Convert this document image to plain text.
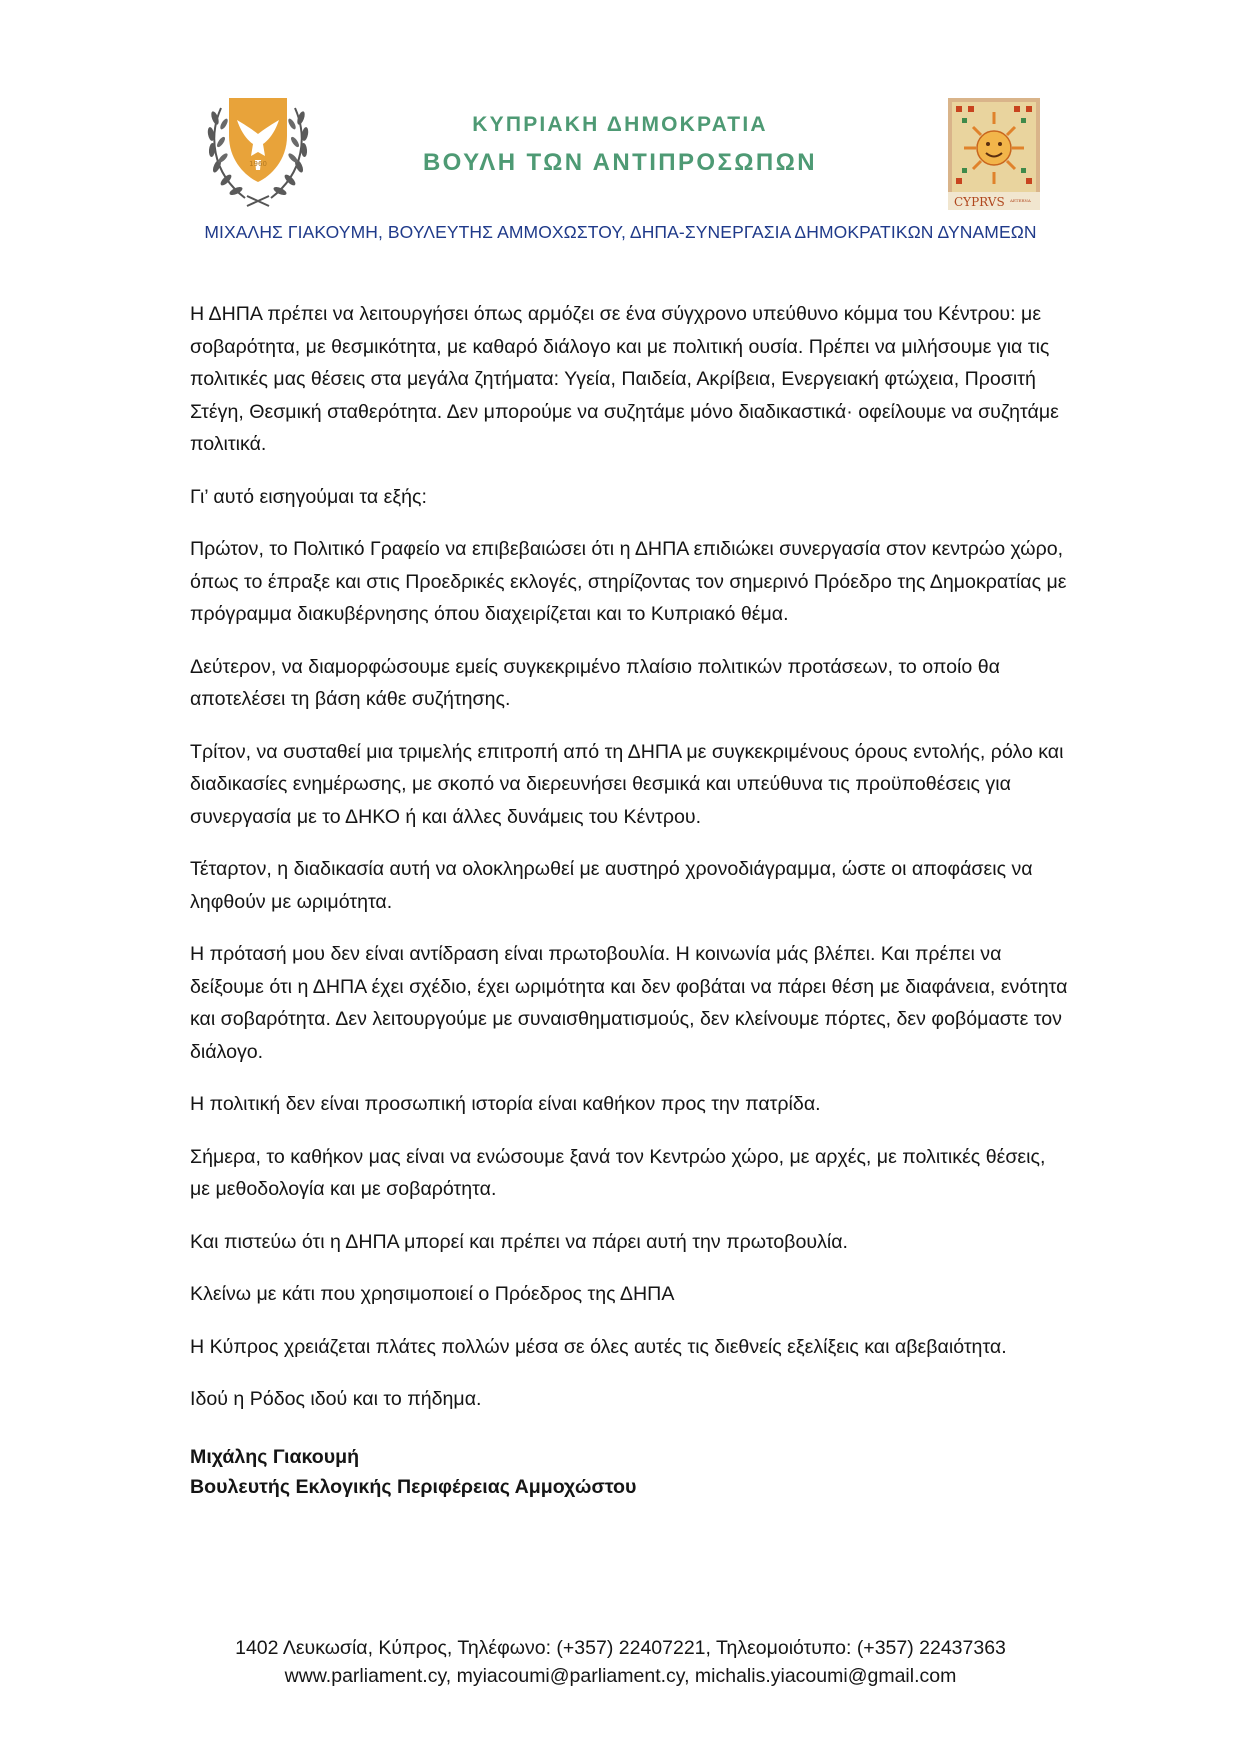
1960
ΚΥΠΡΙΑΚΗ ΔΗΜΟΚΡΑΤΙΑ
ΒΟΥΛΗ ΤΩΝ ΑΝΤΙΠΡΟΣΩΠΩΝ
CYPRVS AETERNA
ΜΙΧΑΛΗΣ ΓΙΑΚΟΥΜΗ, ΒΟΥΛΕΥΤΗΣ ΑΜΜΟΧΩΣΤΟΥ, ΔΗΠΑ-ΣΥΝΕΡΓΑΣΙΑ ΔΗΜΟΚΡΑΤΙΚΩΝ ΔΥΝΑΜΕΩΝ

Η ΔΗΠΑ πρέπει να λειτουργήσει όπως αρμόζει σε ένα σύγχρονο υπεύθυνο κόμμα του Κέντρου: με σοβαρότητα, με θεσμικότητα, με καθαρό διάλογο και με πολιτική ουσία. Πρέπει να μιλήσουμε για τις πολιτικές μας θέσεις στα μεγάλα ζητήματα: Υγεία, Παιδεία, Ακρίβεια, Ενεργειακή φτώχεια, Προσιτή Στέγη, Θεσμική σταθερότητα. Δεν μπορούμε να συζητάμε μόνο διαδικαστικά· οφείλουμε να συζητάμε πολιτικά.

Γι’ αυτό εισηγούμαι τα εξής:

Πρώτον, το Πολιτικό Γραφείο να επιβεβαιώσει ότι η ΔΗΠΑ επιδιώκει συνεργασία στον κεντρώο χώρο, όπως το έπραξε και στις Προεδρικές εκλογές, στηρίζοντας τον σημερινό Πρόεδρο της Δημοκρατίας με πρόγραμμα διακυβέρνησης όπου διαχειρίζεται και το Κυπριακό θέμα.

Δεύτερον, να διαμορφώσουμε εμείς συγκεκριμένο πλαίσιο πολιτικών προτάσεων, το οποίο θα αποτελέσει τη βάση κάθε συζήτησης.

Τρίτον, να συσταθεί μια τριμελής επιτροπή από τη ΔΗΠΑ με συγκεκριμένους όρους εντολής, ρόλο και διαδικασίες ενημέρωσης, με σκοπό να διερευνήσει θεσμικά και υπεύθυνα τις προϋποθέσεις για συνεργασία με το ΔΗΚΟ ή και άλλες δυνάμεις του Κέντρου.

Τέταρτον, η διαδικασία αυτή να ολοκληρωθεί με αυστηρό χρονοδιάγραμμα, ώστε οι αποφάσεις να ληφθούν με ωριμότητα.

Η πρότασή μου δεν είναι αντίδραση είναι πρωτοβουλία. Η κοινωνία μάς βλέπει. Και πρέπει να δείξουμε ότι η ΔΗΠΑ έχει σχέδιο, έχει ωριμότητα και δεν φοβάται να πάρει θέση με διαφάνεια, ενότητα και σοβαρότητα. Δεν λειτουργούμε με συναισθηματισμούς, δεν κλείνουμε πόρτες, δεν φοβόμαστε τον διάλογο.

Η πολιτική δεν είναι προσωπική ιστορία είναι καθήκον προς την πατρίδα.

Σήμερα, το καθήκον μας είναι να ενώσουμε ξανά τον Κεντρώο χώρο, με αρχές, με πολιτικές θέσεις, με μεθοδολογία και με σοβαρότητα.

Και πιστεύω ότι η ΔΗΠΑ μπορεί και πρέπει να πάρει αυτή την πρωτοβουλία.

Κλείνω με κάτι που χρησιμοποιεί ο Πρόεδρος της ΔΗΠΑ

Η Κύπρος χρειάζεται πλάτες πολλών μέσα σε όλες αυτές τις διεθνείς εξελίξεις και αβεβαιότητα.

Ιδού η Ρόδος ιδού και το πήδημα.

Μιχάλης Γιακουμή
Βουλευτής Εκλογικής Περιφέρειας Αμμοχώστου
1402 Λευκωσία, Κύπρος, Τηλέφωνο: (+357) 22407221, Τηλεομοιότυπο: (+357) 22437363
www.parliament.cy, myiacoumi@parliament.cy, michalis.yiacoumi@gmail.com
